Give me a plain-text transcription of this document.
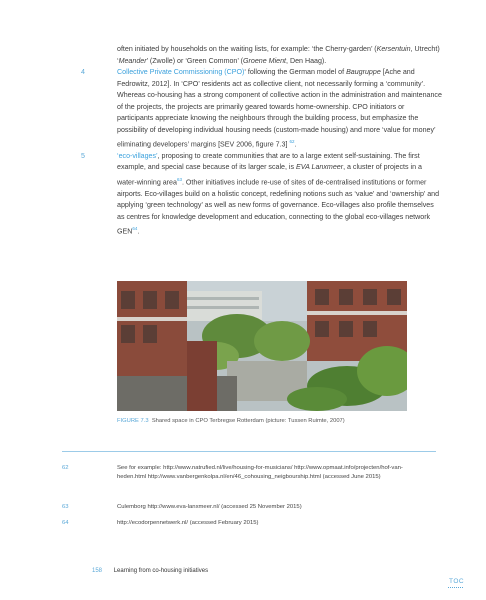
often initiated by households on the waiting lists, for example: ‘the Cherry-garden’ (Kersentuin, Utrecht) ‘Meander’ (Zwolle) or ‘Green Common’ (Groene Mient, Den Haag).

4	Collective Private Commissioning (CPO)‘ following the German model of Baugruppe [Ache and Fedrowitz, 2012]. In ‘CPO’ residents act as collective client, not necessarily forming a ‘community’. Whereas co-housing has a strong component of collective action in the administration and maintenance of the projects, the projects are primarily geared towards home-ownership. CPO initiators or participants appreciate knowing the neighbours through the building process, but emphasize the possibility of developing individual housing needs (custom-made housing) and more ‘value for money’ eliminating developers’ margins [SEV 2006, figure 7.3] $^{62}$.

5	‘eco-villages’, proposing to create communities that are to a large extent self-sustaining. The first example, and special case because of its larger scale, is EVA Lanxmeer, a cluster of projects in a water-winning area$^{63}$. Other initiatives include re-use of sites of de-centralised institutions or former airports. Eco-villages build on a holistic concept, redefining notions such as ‘value’ and ‘ownership’ and applying ‘green technology’ as well as new forms of governance. Eco-villages also profile themselves as centres for knowledge development and education, connecting to the global eco-villages network GEN$^{64}$.

FIGURE 7.3 Shared space in CPO Terbregse Rotterdam (picture: Tussen Ruimte, 2007)
62	See for example: http://www.natrufied.nl/live/housing-for-musicians/ http://www.opmaat.info/projecten/hof-van-heden.html http://www.vanbergenkolpa.nl/en/46_cohousing_neigbourship.html (accessed June 2015)
63	Culemborg http://www.eva-lanxmeer.nl/ (accessed 25 November 2015)
64	http://ecodorpennetwerk.nl/ (accessed February 2015)
158 Learning from co-housing initiatives
TOC
